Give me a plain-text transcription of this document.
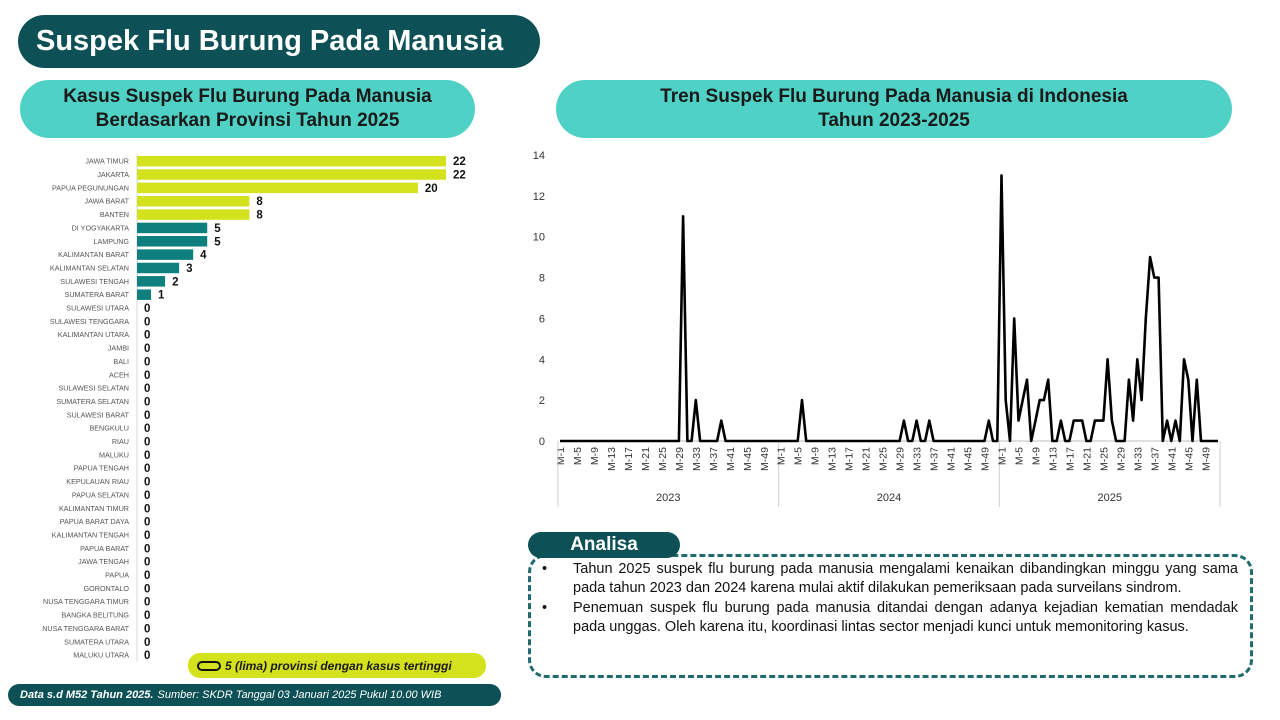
Suspek Flu Burung Pada Manusia
Kasus Suspek Flu Burung Pada Manusia
Berdasarkan Provinsi Tahun 2025
Tren Suspek Flu Burung Pada Manusia di Indonesia
Tahun 2023-2025
JAWA TIMUR	22
JAKARTA	22
PAPUA PEGUNUNGAN	20
JAWA BARAT	8
BANTEN	8
DI YOGYAKARTA	5
LAMPUNG	5
KALIMANTAN BARAT	4
KALIMANTAN SELATAN	3
SULAWESI TENGAH	2
SUMATERA BARAT	1
SULAWESI UTARA 0
SULAWESI TENGGARA 0
KALIMANTAN UTARA 0
JAMBI 0
BALI 0
ACEH 0
SULAWESI SELATAN 0
SUMATERA SELATAN 0
SULAWESI BARAT 0
BENGKULU 0
RIAU 0
MALUKU 0
PAPUA TENGAH 0
KEPULAUAN RIAU 0
PAPUA SELATAN 0
KALIMANTAN TIMUR 0
PAPUA BARAT DAYA 0
KALIMANTAN TENGAH 0
PAPUA BARAT 0
JAWA TENGAH 0
PAPUA 0
GORONTALO 0
NUSA TENGGARA TIMUR 0
BANGKA BELITUNG 0
NUSA TENGGARA BARAT 0
SUMATERA UTARA 0
MALUKU UTARA 0
0
2
4
6
8
10
12
14
M-1 M-5 M-9 M-13 M-17 M-21 M-25 M-29 M-33 M-37 M-41 M-45 M-49
2023
M-1 M-5 M-9 M-13 M-17 M-21 M-25 M-29 M-33 M-37 M-41 M-45 M-49
2024
M-1 M-5 M-9 M-13 M-17 M-21 M-25 M-29 M-33 M-37 M-41 M-45 M-49
2025
5 (lima) provinsi dengan kasus tertinggi
Data s.d M52 Tahun 2025. Sumber: SKDR Tanggal 03 Januari 2025 Pukul 10.00 WIB
Analisa
• Tahun 2025 suspek flu burung pada manusia mengalami kenaikan dibandingkan minggu yang sama pada tahun 2023 dan 2024 karena mulai aktif dilakukan pemeriksaan pada surveilans sindrom.
• Penemuan suspek flu burung pada manusia ditandai dengan adanya kejadian kematian mendadak pada unggas. Oleh karena itu, koordinasi lintas sector menjadi kunci untuk memonitoring kasus.
